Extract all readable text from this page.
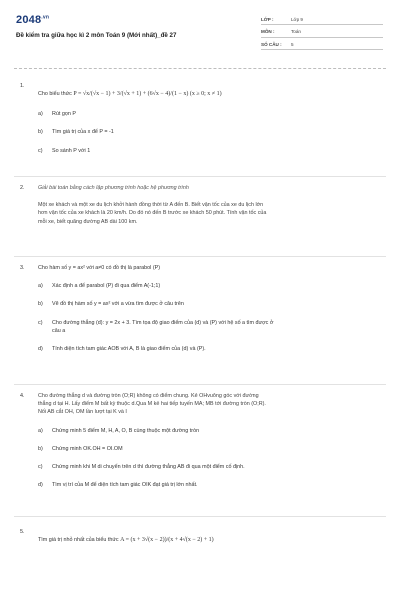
$2048^{.vn}$
Đề kiểm tra giữa học kì 2 môn Toán 9 (Mới nhất)_đề 27
LỚP :	Lớp 9
MÔN :	Toán
SỐ CÂU :	5
1.
Cho biểu thức P = √x/(√x − 1) + 3/(√x + 1) + (6√x − 4)/(1 − x) (x ≥ 0; x ≠ 1)
a) Rút gọn P
b) Tìm giá trị của x để P = -1
c) So sánh P với 1
2.	Giải bài toán bằng cách lập phương trình hoặc hệ phương trình
Một xe khách và một xe du lịch khởi hành đồng thời từ A đến B. Biết vận tốc của xe du lịch lớn
hơn vận tốc của xe khách là 20 km/h. Do đó nó đến B trước xe khách 50 phút. Tính vận tốc của
mỗi xe, biết quãng đường AB dài 100 km.
3.	Cho hàm số y = ax² với a≠0 có đồ thị là parabol (P)
a) Xác định a để parabol (P) đi qua điểm A(-1;1)
b) Vẽ đồ thị hàm số y = ax² với a vừa tìm được ở câu trên
c) Cho đường thẳng (d): y = 2x + 3. Tìm tọa độ giao điểm của (d) và (P) với hệ số a tìm được ở
câu a
d) Tính diện tích tam giác AOB với A, B là giao điểm của (d) và (P).
4.	Cho đường thẳng d và đường tròn (O;R) không có điểm chung. Kẻ OHvuông góc với đường
thẳng d tại H. Lấy điểm M bất kỳ thuộc d.Qua M kẻ hai tiếp tuyến MA; MB tới đường tròn (O;R).
Nối AB cắt OH, OM lần lượt tại K và I
a) Chứng minh 5 điểm M, H, A, O, B cùng thuộc một đường tròn
b) Chứng minh OK.OH = OI.OM
c) Chứng minh khi M di chuyển trên d thì đường thẳng AB đi qua một điểm cố định.
d) Tìm vị trí của M để diện tích tam giác OIK đạt giá trị lớn nhất.
5.
Tìm giá trị nhỏ nhất của biểu thức A = (x + 3√(x − 2))/(x + 4√(x − 2) + 1)
